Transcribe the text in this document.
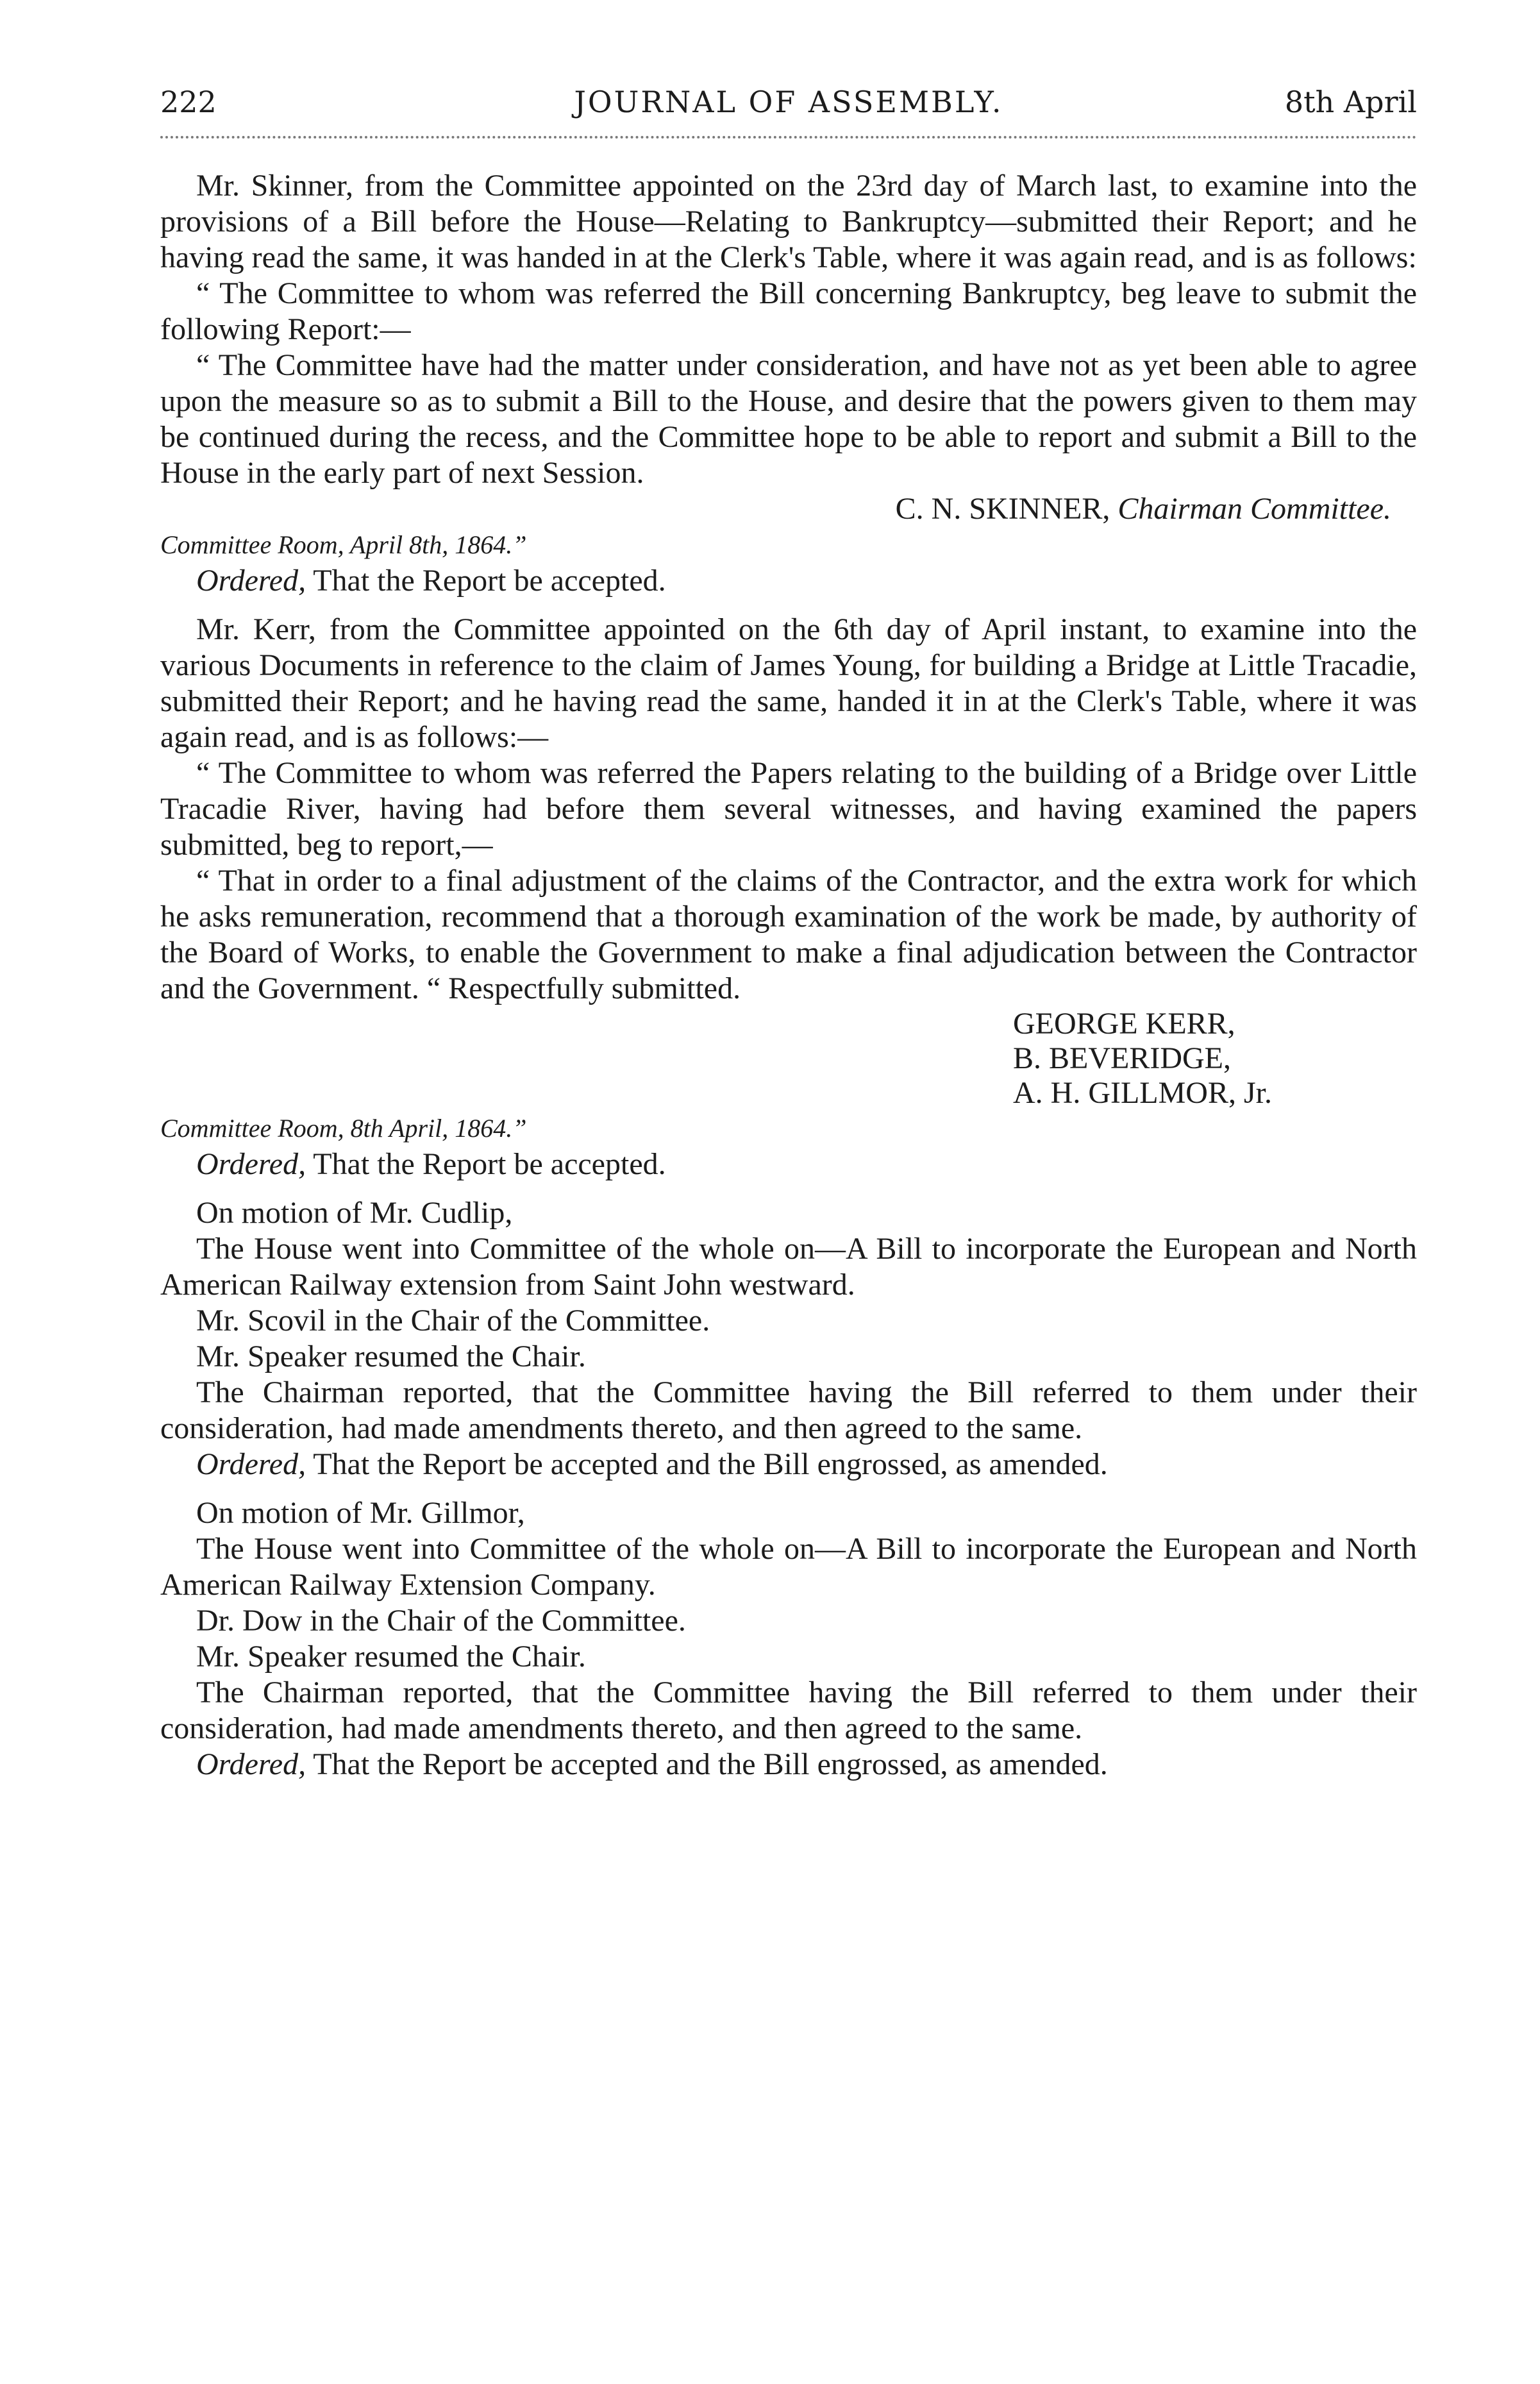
222	JOURNAL OF ASSEMBLY.	8th April

Mr. Skinner, from the Committee appointed on the 23rd day of March last, to examine into the provisions of a Bill before the House—Relating to Bankruptcy—submitted their Report; and he having read the same, it was handed in at the Clerk's Table, where it was again read, and is as follows:

“ The Committee to whom was referred the Bill concerning Bankruptcy, beg leave to submit the following Report:—

“ The Committee have had the matter under consideration, and have not as yet been able to agree upon the measure so as to submit a Bill to the House, and desire that the powers given to them may be continued during the recess, and the Committee hope to be able to report and submit a Bill to the House in the early part of next Session.

C. N. SKINNER, Chairman Committee.

Committee Room, April 8th, 1864.”

Ordered, That the Report be accepted.

Mr. Kerr, from the Committee appointed on the 6th day of April instant, to examine into the various Documents in reference to the claim of James Young, for building a Bridge at Little Tracadie, submitted their Report; and he having read the same, handed it in at the Clerk's Table, where it was again read, and is as follows:—

“ The Committee to whom was referred the Papers relating to the building of a Bridge over Little Tracadie River, having had before them several witnesses, and having examined the papers submitted, beg to report,—

“ That in order to a final adjustment of the claims of the Contractor, and the extra work for which he asks remuneration, recommend that a thorough examination of the work be made, by authority of the Board of Works, to enable the Government to make a final adjudication between the Contractor and the Government. “ Respectfully submitted.

GEORGE KERR,

B. BEVERIDGE,

A. H. GILLMOR, Jr.

Committee Room, 8th April, 1864.”

Ordered, That the Report be accepted.

On motion of Mr. Cudlip,

The House went into Committee of the whole on—A Bill to incorporate the European and North American Railway extension from Saint John westward.

Mr. Scovil in the Chair of the Committee.

Mr. Speaker resumed the Chair.

The Chairman reported, that the Committee having the Bill referred to them under their consideration, had made amendments thereto, and then agreed to the same.

Ordered, That the Report be accepted and the Bill engrossed, as amended.

On motion of Mr. Gillmor,

The House went into Committee of the whole on—A Bill to incorporate the European and North American Railway Extension Company.

Dr. Dow in the Chair of the Committee.

Mr. Speaker resumed the Chair.

The Chairman reported, that the Committee having the Bill referred to them under their consideration, had made amendments thereto, and then agreed to the same.

Ordered, That the Report be accepted and the Bill engrossed, as amended.
